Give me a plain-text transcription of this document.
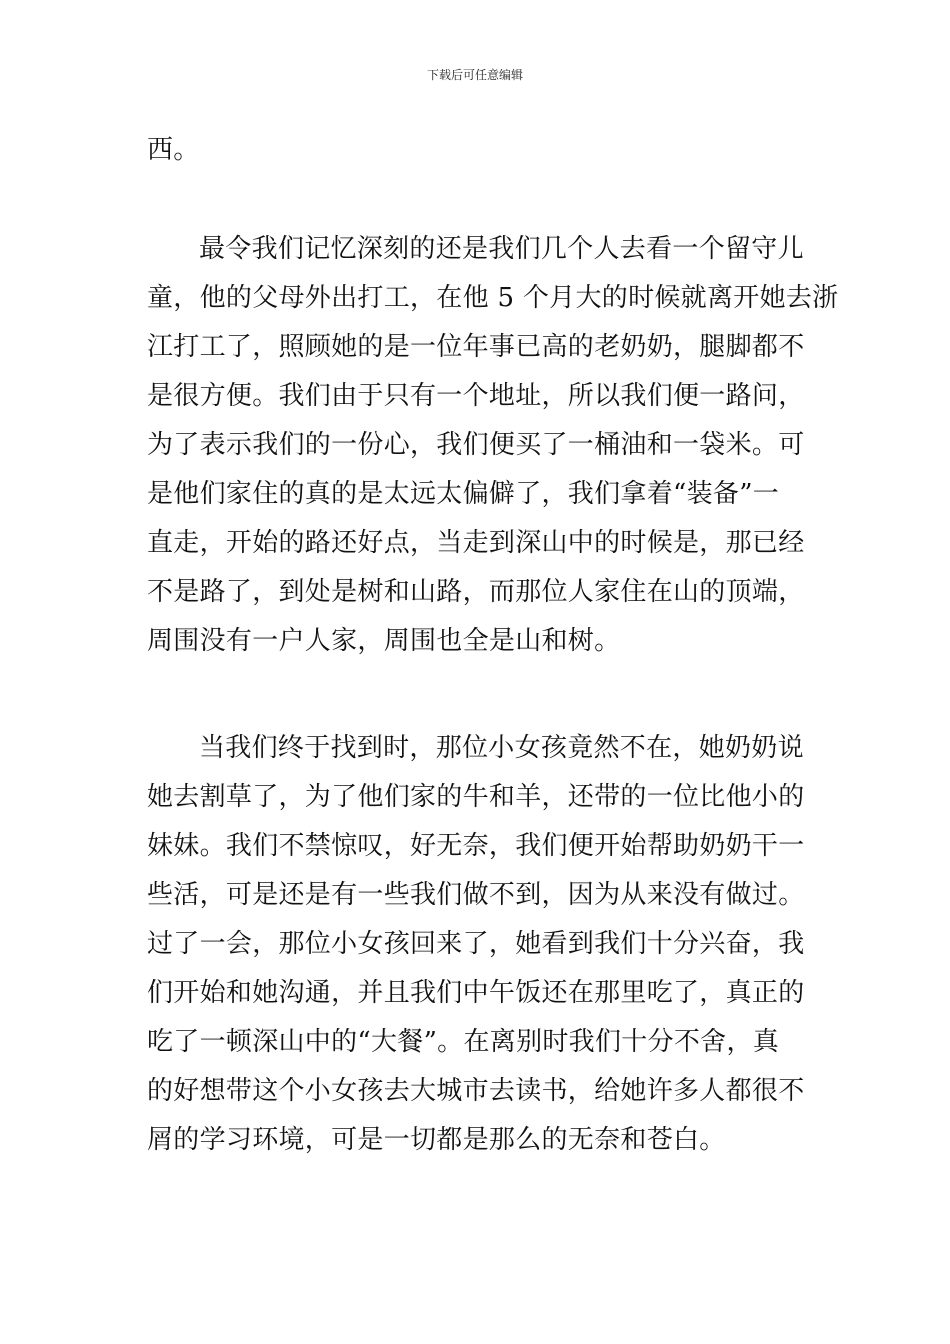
下载后可任意编辑
西。
最令我们记忆深刻的还是我们几个人去看一个留守儿
童，他的父母外出打工，在他 5 个月大的时候就离开她去浙
江打工了，照顾她的是一位年事已高的老奶奶，腿脚都不
是很方便。我们由于只有一个地址，所以我们便一路问，
为了表示我们的一份心，我们便买了一桶油和一袋米。可
是他们家住的真的是太远太偏僻了，我们拿着“装备”一
直走，开始的路还好点，当走到深山中的时候是，那已经
不是路了，到处是树和山路，而那位人家住在山的顶端，
周围没有一户人家，周围也全是山和树。
当我们终于找到时，那位小女孩竟然不在，她奶奶说
她去割草了，为了他们家的牛和羊，还带的一位比他小的
妹妹。我们不禁惊叹，好无奈，我们便开始帮助奶奶干一
些活，可是还是有一些我们做不到，因为从来没有做过。
过了一会，那位小女孩回来了，她看到我们十分兴奋，我
们开始和她沟通，并且我们中午饭还在那里吃了，真正的
吃了一顿深山中的“大餐”。在离别时我们十分不舍，真
的好想带这个小女孩去大城市去读书，给她许多人都很不
屑的学习环境，可是一切都是那么的无奈和苍白。
